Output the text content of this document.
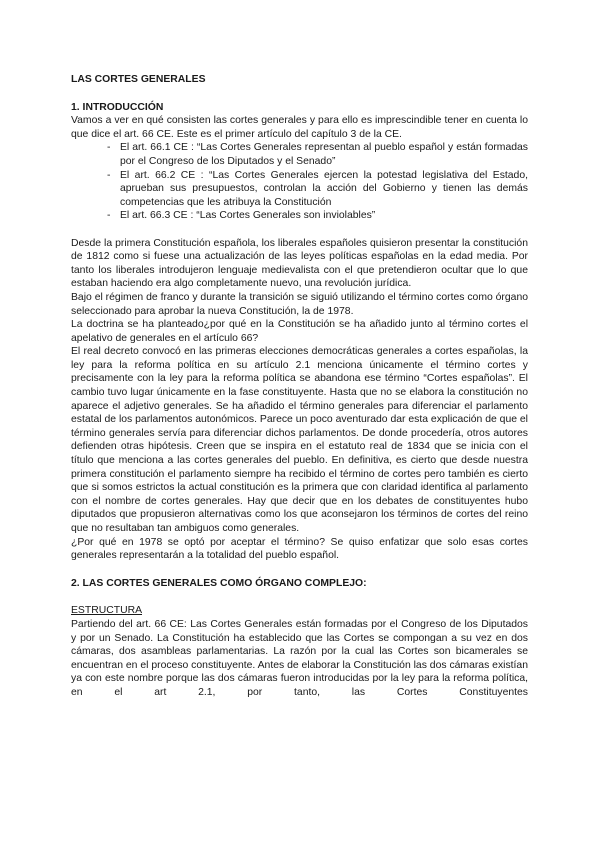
LAS CORTES GENERALES
1. INTRODUCCIÓN

Vamos a ver en qué consisten las cortes generales y para ello es imprescindible tener en cuenta lo que dice el art. 66 CE. Este es el primer artículo del capítulo 3 de la CE.

- El art. 66.1 CE : “Las Cortes Generales representan al pueblo español y están formadas por el Congreso de los Diputados y el Senado”
- El art. 66.2 CE : “Las Cortes Generales ejercen la potestad legislativa del Estado, aprueban sus presupuestos, controlan la acción del Gobierno y tienen las demás competencias que les atribuya la Constitución
- El art. 66.3 CE : “Las Cortes Generales son inviolables”

Desde la primera Constitución española, los liberales españoles quisieron presentar la constitución de 1812 como si fuese una actualización de las leyes políticas españolas en la edad media. Por tanto los liberales introdujeron lenguaje medievalista con el que pretendieron ocultar que lo que estaban haciendo era algo completamente nuevo, una revolución jurídica.

Bajo el régimen de franco y durante la transición se siguió utilizando el término cortes como órgano seleccionado para aprobar la nueva Constitución, la de 1978.

La doctrina se ha planteado¿por qué en la Constitución se ha añadido junto al término cortes el apelativo de generales en el artículo 66?

El real decreto convocó en las primeras elecciones democráticas generales a cortes españolas, la ley para la reforma política en su artículo 2.1 menciona únicamente el término cortes y precisamente con la ley para la reforma política se abandona ese término “Cortes españolas”. El cambio tuvo lugar únicamente en la fase constituyente. Hasta que no se elabora la constitución no aparece el adjetivo generales. Se ha añadido el término generales para diferenciar el parlamento estatal de los parlamentos autonómicos. Parece un poco aventurado dar esta explicación de que el término generales servía para diferenciar dichos parlamentos. De donde procedería, otros autores defienden otras hipótesis. Creen que se inspira en el estatuto real de 1834 que se inicia con el título que menciona a las cortes generales del pueblo. En definitiva, es cierto que desde nuestra primera constitución el parlamento siempre ha recibido el término de cortes pero también es cierto que si somos estrictos la actual constitución es la primera que con claridad identifica al parlamento con el nombre de cortes generales. Hay que decir que en los debates de constituyentes hubo diputados que propusieron alternativas como los que aconsejaron los términos de cortes del reino que no resultaban tan ambiguos como generales.

¿Por qué en 1978 se optó por aceptar el término? Se quiso enfatizar que solo esas cortes generales representarán a la totalidad del pueblo español.

2. LAS CORTES GENERALES COMO ÓRGANO COMPLEJO:
ESTRUCTURA

Partiendo del art. 66 CE: Las Cortes Generales están formadas por el Congreso de los Diputados y por un Senado. La Constitución ha establecido que las Cortes se compongan a su vez en dos cámaras, dos asambleas parlamentarias. La razón por la cual las Cortes son bicamerales se encuentran en el proceso constituyente. Antes de elaborar la Constitución las dos cámaras existían ya con este nombre porque las dos cámaras fueron introducidas por la ley para la reforma política, en el art 2.1, por tanto, las Cortes Constituyentes
